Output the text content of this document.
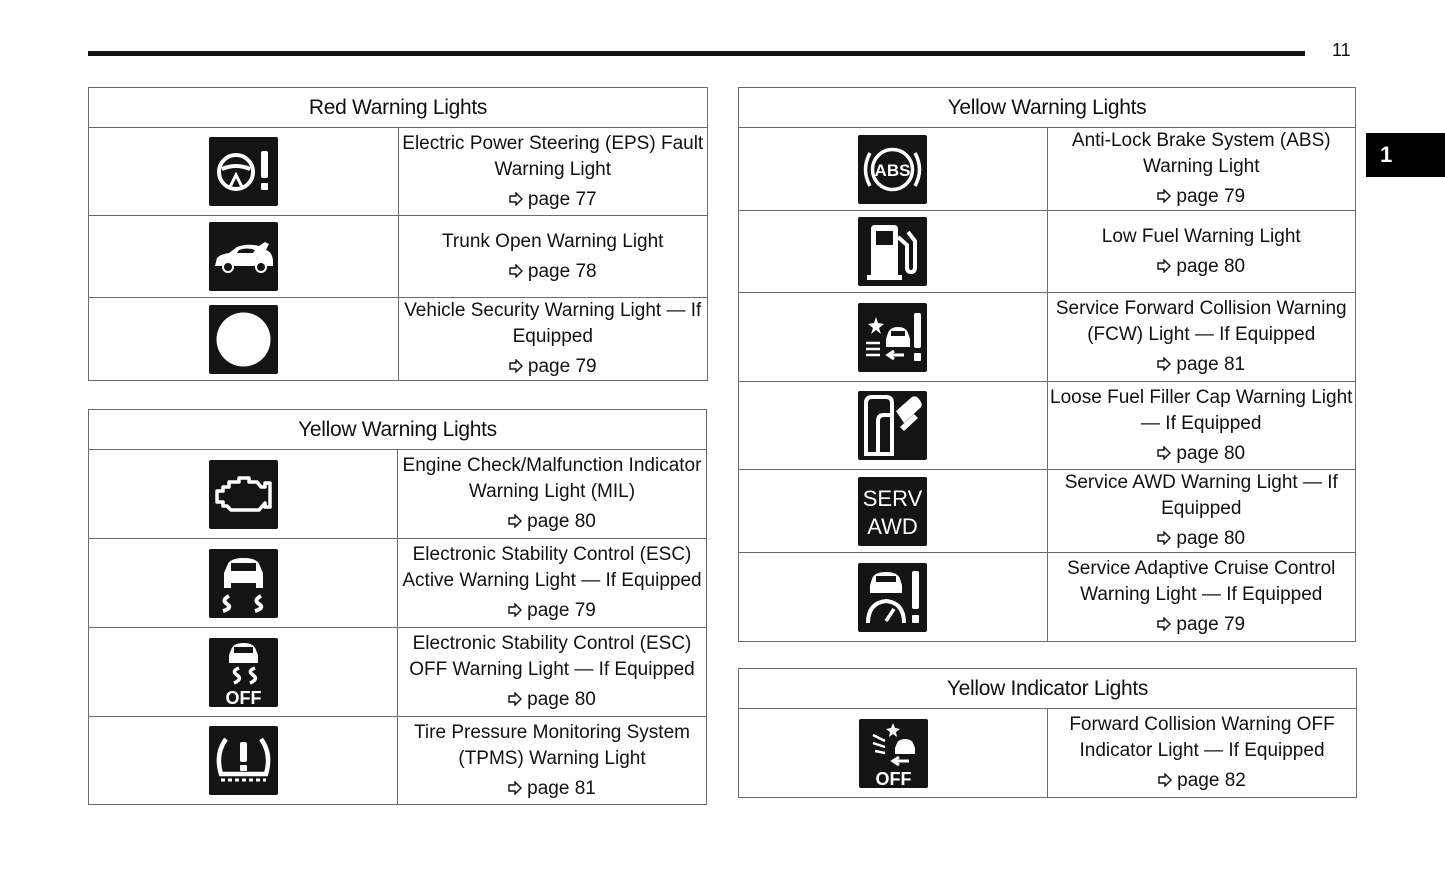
11
1
Red Warning Lights	

	Electric Power Steering (EPS) Fault Warning Light
page 77

	Trunk Open Warning Light
page 78

	Vehicle Security Warning Light — If Equipped
page 79
Yellow Warning Lights	

	Engine Check/Malfunction Indicator Warning Light (MIL)
page 80

	Electronic Stability Control (ESC) Active Warning Light — If Equipped
page 79

OFF	Electronic Stability Control (ESC) OFF Warning Light — If Equipped
page 80

	Tire Pressure Monitoring System (TPMS) Warning Light
page 81
Yellow Warning Lights	

ABS	Anti-Lock Brake System (ABS) Warning Light
page 79

	Low Fuel Warning Light
page 80

	Service Forward Collision Warning (FCW) Light — If Equipped
page 81

	Loose Fuel Filler Cap Warning Light — If Equipped
page 80

SERV
AWD	Service AWD Warning Light — If Equipped
page 80

	Service Adaptive Cruise Control Warning Light — If Equipped
page 79
Yellow Indicator Lights

OFF
	Forward Collision Warning OFF Indicator Light — If Equipped
page 82
